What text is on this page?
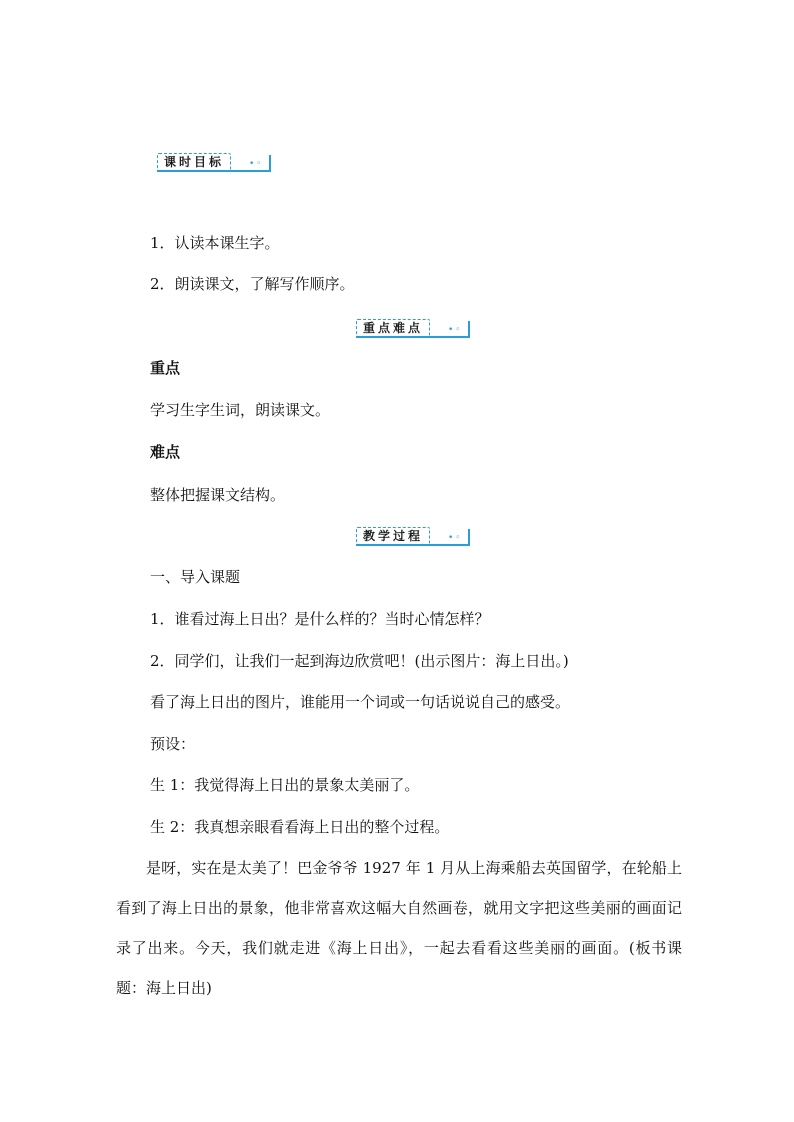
课时目标	•◦
1．认读本课生字。
2．朗读课文，了解写作顺序。
重点难点	•◦
重点
学习生字生词，朗读课文。
难点
整体把握课文结构。
教学过程	•◦
一、导入课题
1．谁看过海上日出？是什么样的？当时心情怎样？
2．同学们，让我们一起到海边欣赏吧！(出示图片：海上日出。)
看了海上日出的图片，谁能用一个词或一句话说说自己的感受。
预设：
生 1：我觉得海上日出的景象太美丽了。
生 2：我真想亲眼看看海上日出的整个过程。
是呀，实在是太美了！巴金爷爷 1927 年 1 月从上海乘船去英国留学，在轮船上看到了海上日出的景象，他非常喜欢这幅大自然画卷，就用文字把这些美丽的画面记录了出来。今天，我们就走进《海上日出》，一起去看看这些美丽的画面。(板书课题：海上日出)
